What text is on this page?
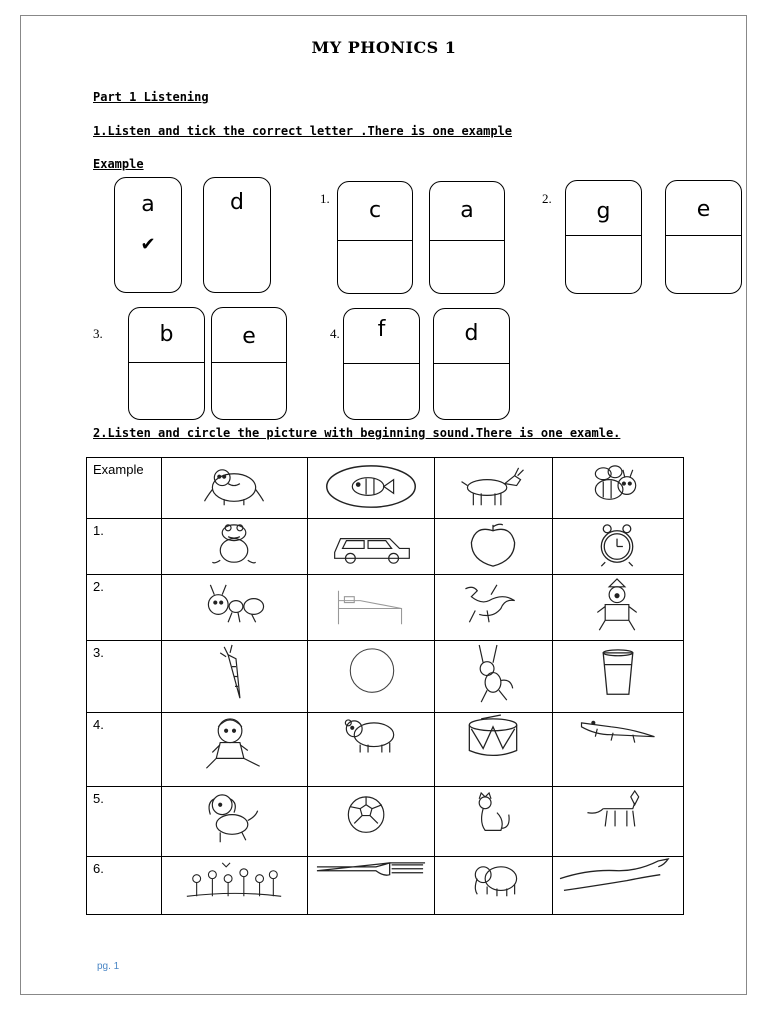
MY PHONICS 1
Part 1 Listening
1.Listen and tick the correct letter .There is one example
Example
a
✔
d	1.	c	a	2.
g	e
3.	b	e	4.	f	d
2.Listen and circle the picture with beginning sound.There is one examle.
Example

1.

2.

3.

4.

5.

6.

pg. 1
